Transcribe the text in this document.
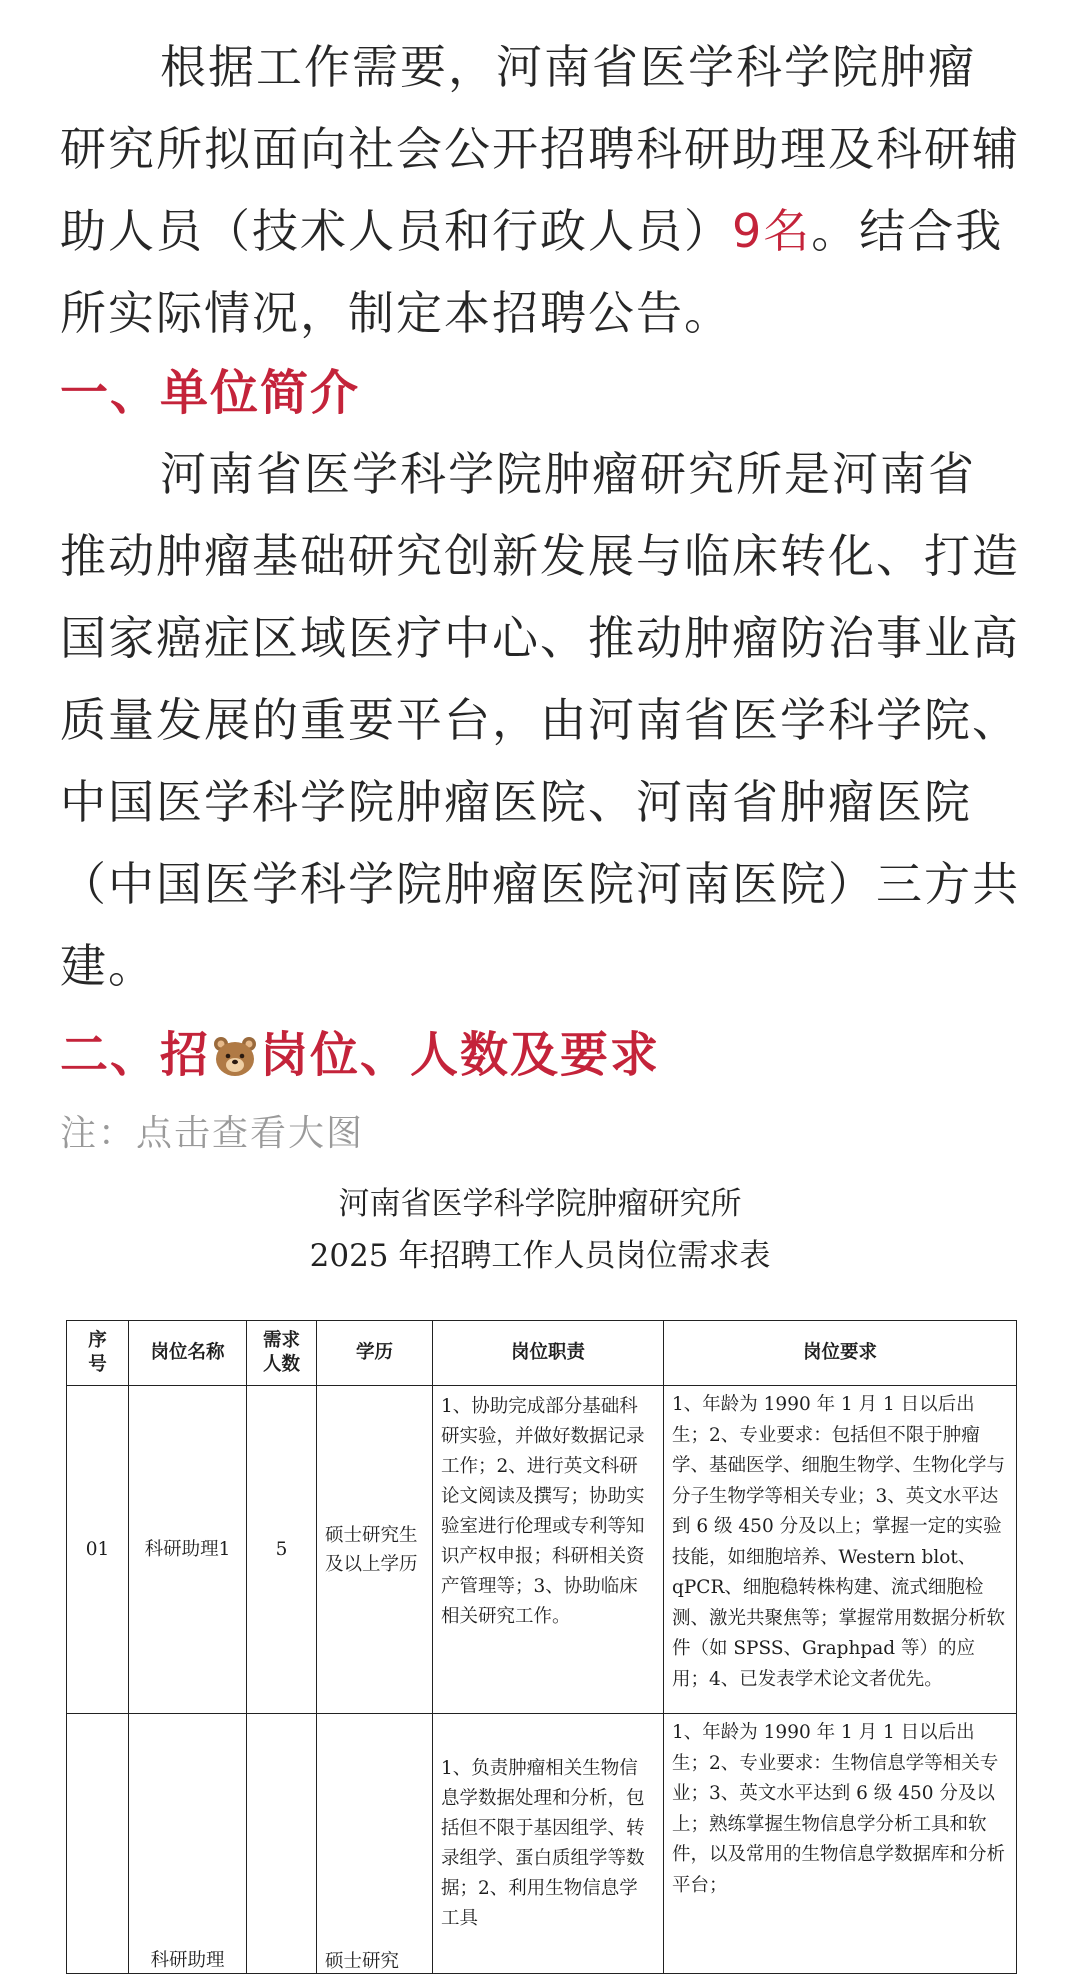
根据工作需要，河南省医学科学院肿瘤研究所拟面向社会公开招聘科研助理及科研辅助人员（技术人员和行政人员）9名。结合我所实际情况，制定本招聘公告。

一、单位简介

河南省医学科学院肿瘤研究所是河南省推动肿瘤基础研究创新发展与临床转化、打造国家癌症区域医疗中心、推动肿瘤防治事业高质量发展的重要平台，由河南省医学科学院、中国医学科学院肿瘤医院、河南省肿瘤医院（中国医学科学院肿瘤医院河南医院）三方共建。

二、招 岗位、人数及要求
注：点击查看大图
河南省医学科学院肿瘤研究所
2025 年招聘工作人员岗位需求表
序号	岗位名称	需求人数	学历	岗位职责	岗位要求
01	科研助理1	5	硕士研究生及以上学历	1、协助完成部分基础科研实验，并做好数据记录工作；2、进行英文科研论文阅读及撰写；协助实验室进行伦理或专利等知识产权申报；科研相关资产管理等；3、协助临床相关研究工作。	1、年龄为 1990 年 1 月 1 日以后出生；2、专业要求：包括但不限于肿瘤学、基础医学、细胞生物学、生物化学与分子生物学等相关专业；3、英文水平达到 6 级 450 分及以上；掌握一定的实验技能，如细胞培养、Western blot、qPCR、细胞稳转株构建、流式细胞检测、激光共聚焦等；掌握常用数据分析软件（如 SPSS、Graphpad 等）的应用；4、已发表学术论文者优先。
	科研助理		硕士研究	1、负责肿瘤相关生物信息学数据处理和分析，包括但不限于基因组学、转录组学、蛋白质组学等数据；2、利用生物信息学工具	1、年龄为 1990 年 1 月 1 日以后出生；2、专业要求：生物信息学等相关专业；3、英文水平达到 6 级 450 分及以上；熟练掌握生物信息学分析工具和软件，以及常用的生物信息学数据库和分析平台；
